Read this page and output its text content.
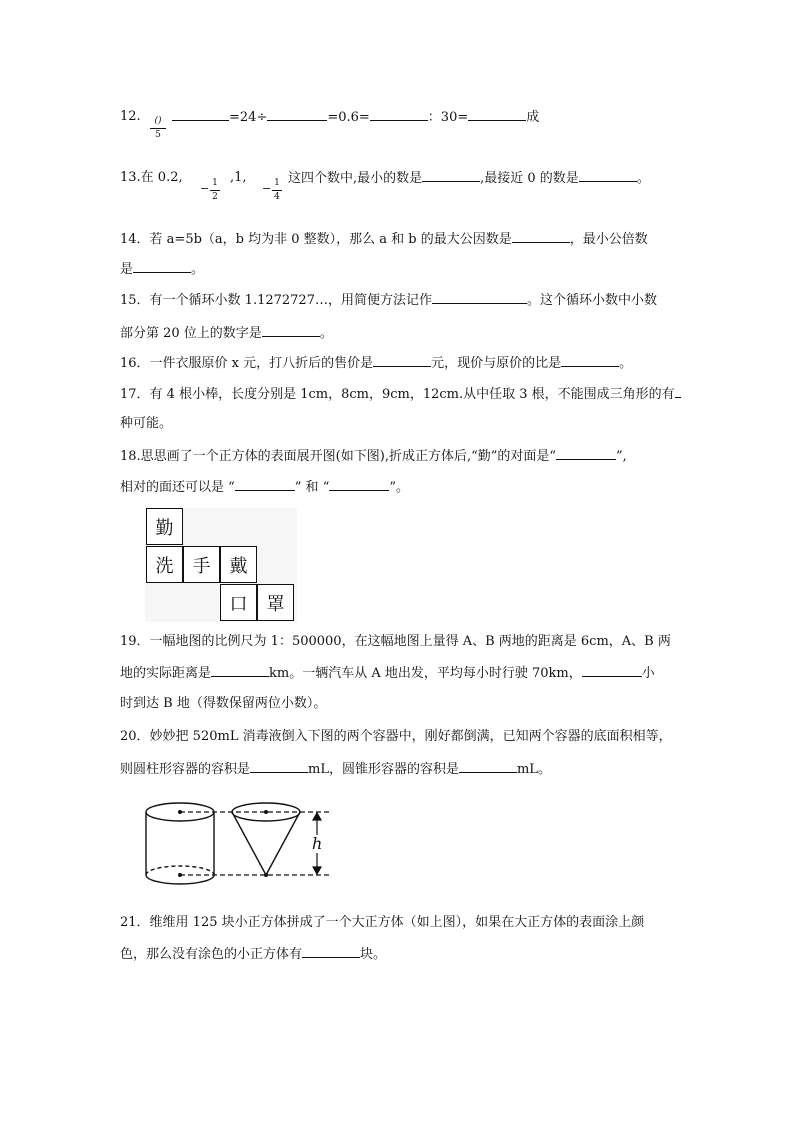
12.	()
5
=24÷	=0.6=	：30=	成
13.在 0.2,
− 1
2
,1,
− 1
4
这四个数中,最小的数是	,最接近 0 的数是	。
14．若 a=5b（a，b 均为非 0 整数），那么 a 和 b 的最大公因数是	，最小公倍数
是	。
15．有一个循环小数 1.1272727…，用简便方法记作	。这个循环小数中小数
部分第 20 位上的数字是	。
16．一件衣服原价 x 元，打八折后的售价是	元，现价与原价的比是	。
17．有 4 根小棒，长度分别是 1cm，8cm，9cm，12cm.从中任取 3 根，不能围成三角形的有
种可能。
18.思思画了一个正方体的表面展开图(如下图),折成正方体后,“勤”的对面是“	”,
相对的面还可以是 “	” 和 “	”。
勤
洗	手	戴
口	罩
19．一幅地图的比例尺为 1：500000，在这幅地图上量得 A、B 两地的距离是 6cm，A、B 两
地的实际距离是	km。一辆汽车从 A 地出发，平均每小时行驶 70km，	小
时到达 B 地（得数保留两位小数）。
20．妙妙把 520mL 消毒液倒入下图的两个容器中，刚好都倒满，已知两个容器的底面积相等，
则圆柱形容器的容积是	mL，圆锥形容器的容积是	mL。
h
21．维维用 125 块小正方体拼成了一个大正方体（如上图），如果在大正方体的表面涂上颜
色，那么没有涂色的小正方体有	块。
